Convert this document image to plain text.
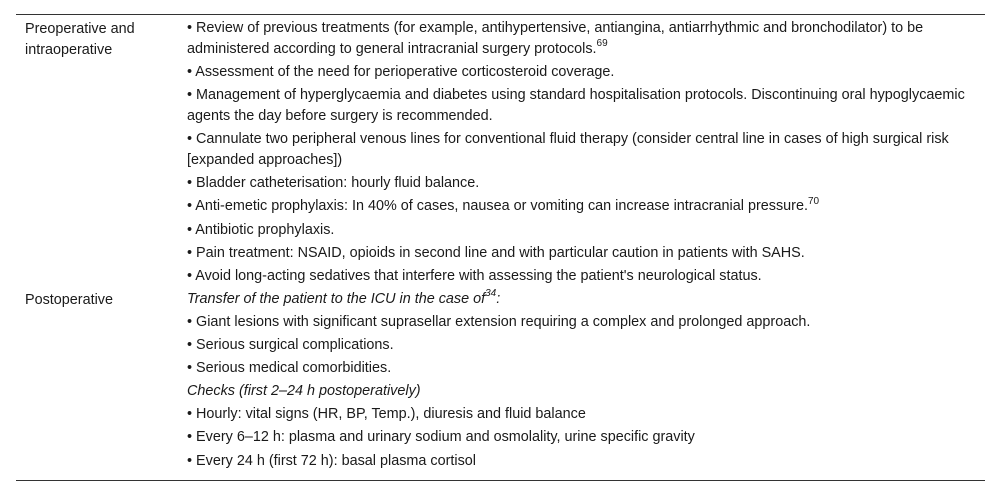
Preoperative and
intraoperative
• Review of previous treatments (for example, antihypertensive, antiangina, antiarrhythmic and bronchodilator) to be administered according to general intracranial surgery protocols.$^{69}$
• Assessment of the need for perioperative corticosteroid coverage.
• Management of hyperglycaemia and diabetes using standard hospitalisation protocols. Discontinuing oral hypoglycaemic agents the day before surgery is recommended.
• Cannulate two peripheral venous lines for conventional fluid therapy (consider central line in cases of high surgical risk [expanded approaches])
• Bladder catheterisation: hourly fluid balance.
• Anti-emetic prophylaxis: In 40% of cases, nausea or vomiting can increase intracranial pressure.$^{70}$
• Antibiotic prophylaxis.
• Pain treatment: NSAID, opioids in second line and with particular caution in patients with SAHS.
• Avoid long-acting sedatives that interfere with assessing the patient's neurological status.
Postoperative	Transfer of the patient to the ICU in the case $of^{34}$:
• Giant lesions with significant suprasellar extension requiring a complex and prolonged approach.
• Serious surgical complications.
• Serious medical comorbidities.
Checks (first 2–24 h postoperatively)
• Hourly: vital signs (HR, BP, Temp.), diuresis and fluid balance
• Every 6–12 h: plasma and urinary sodium and osmolality, urine specific gravity
• Every 24 h (first 72 h): basal plasma cortisol
